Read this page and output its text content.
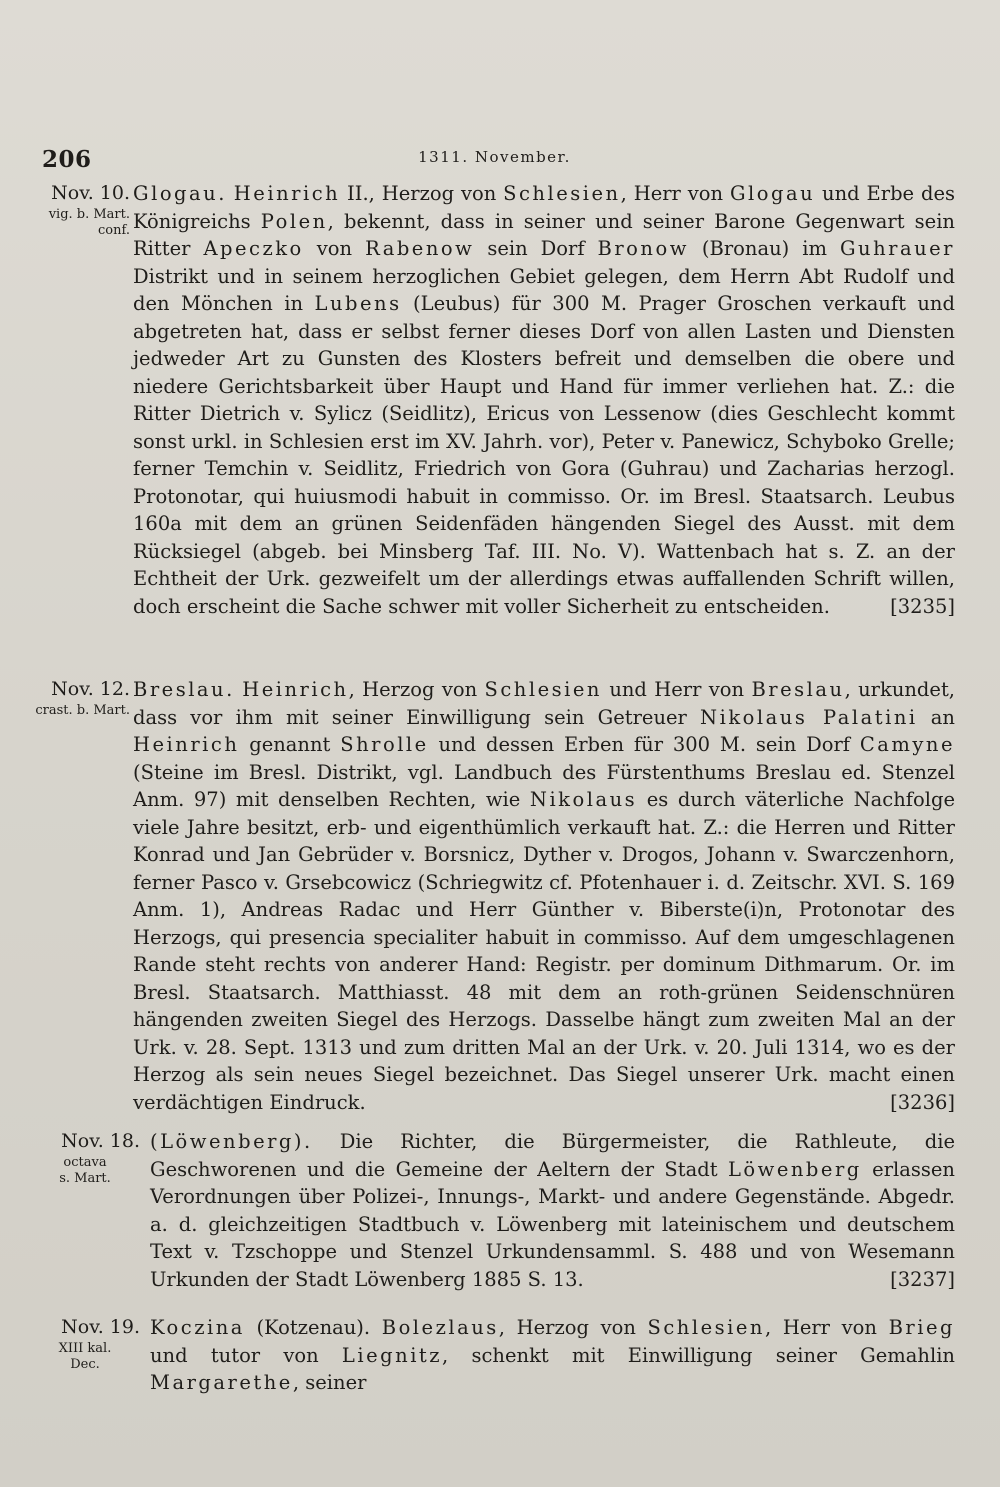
206	1311. November.
Nov. 10.
vig. b. Mart.
conf.
Glogau. Heinrich II., Herzog von Schlesien, Herr von Glogau und Erbe des Königreichs Polen, bekennt, dass in seiner und seiner Barone Gegenwart sein Ritter Apeczko von Rabenow sein Dorf Bronow (Bronau) im Guhrauer Distrikt und in seinem herzoglichen Gebiet gelegen, dem Herrn Abt Rudolf und den Mönchen in Lubens (Leubus) für 300 M. Prager Groschen verkauft und abgetreten hat, dass er selbst ferner dieses Dorf von allen Lasten und Diensten jedweder Art zu Gunsten des Klosters befreit und demselben die obere und niedere Gerichtsbarkeit über Haupt und Hand für immer verliehen hat. Z.: die Ritter Dietrich v. Sylicz (Seidlitz), Ericus von Lessenow (dies Geschlecht kommt sonst urkl. in Schlesien erst im XV. Jahrh. vor), Peter v. Panewicz, Schyboko Grelle; ferner Temchin v. Seidlitz, Friedrich von Gora (Guhrau) und Zacharias herzogl. Protonotar, qui huiusmodi habuit in commisso. Or. im Bresl. Staatsarch. Leubus 160a mit dem an grünen Seidenfäden hängenden Siegel des Ausst. mit dem Rücksiegel (abgeb. bei Minsberg Taf. III. No. V). Wattenbach hat s. Z. an der Echtheit der Urk. gezweifelt um der allerdings etwas auffallenden Schrift willen, doch erscheint die Sache schwer mit voller Sicherheit zu entscheiden.	[3235]
Nov. 12.
crast. b. Mart.
Breslau. Heinrich, Herzog von Schlesien und Herr von Breslau, urkundet, dass vor ihm mit seiner Einwilligung sein Getreuer Nikolaus Palatini an Heinrich genannt Shrolle und dessen Erben für 300 M. sein Dorf Camyne (Steine im Bresl. Distrikt, vgl. Landbuch des Fürstenthums Breslau ed. Stenzel Anm. 97) mit denselben Rechten, wie Nikolaus es durch väterliche Nachfolge viele Jahre besitzt, erb- und eigenthümlich verkauft hat. Z.: die Herren und Ritter Konrad und Jan Gebrüder v. Borsnicz, Dyther v. Drogos, Johann v. Swarczenhorn, ferner Pasco v. Grsebcowicz (Schriegwitz cf. Pfotenhauer i. d. Zeitschr. XVI. S. 169 Anm. 1), Andreas Radac und Herr Günther v. Biberste(i)n, Protonotar des Herzogs, qui presencia specialiter habuit in commisso. Auf dem umgeschlagenen Rande steht rechts von anderer Hand: Registr. per dominum Dithmarum. Or. im Bresl. Staatsarch. Matthiasst. 48 mit dem an roth-grünen Seidenschnüren hängenden zweiten Siegel des Herzogs. Dasselbe hängt zum zweiten Mal an der Urk. v. 28. Sept. 1313 und zum dritten Mal an der Urk. v. 20. Juli 1314, wo es der Herzog als sein neues Siegel bezeichnet. Das Siegel unserer Urk. macht einen verdächtigen Eindruck.	[3236]
Nov. 18.
octava
s. Mart.
(Löwenberg). Die Richter, die Bürgermeister, die Rathleute, die Geschworenen und die Gemeine der Aeltern der Stadt Löwenberg erlassen Verordnungen über Polizei-, Innungs-, Markt- und andere Gegenstände. Abgedr. a. d. gleichzeitigen Stadtbuch v. Löwenberg mit lateinischem und deutschem Text v. Tzschoppe und Stenzel Urkundensamml. S. 488 und von Wesemann Urkunden der Stadt Löwenberg 1885 S. 13.	[3237]
Nov. 19.
XIII kal.
Dec.
Koczina (Kotzenau). Bolezlaus, Herzog von Schlesien, Herr von Brieg und tutor von Liegnitz, schenkt mit Einwilligung seiner Gemahlin Margarethe, seiner
